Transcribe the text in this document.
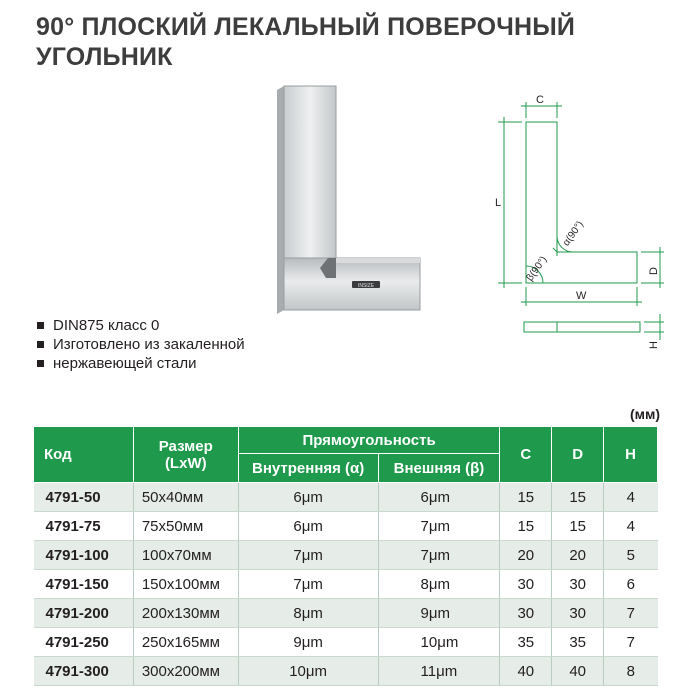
90° ПЛОСКИЙ ЛЕКАЛЬНЫЙ ПОВЕРОЧНЫЙ
УГОЛЬНИК
INSIZE
C
L
W
D
H
α(90°)
β(90°)
DIN875 класс 0
Изготовлено из закаленной
нержавеющей стали
(мм)
Код	Размер
(LxW)	Прямоугольность		C	D	H
		Внутренняя (α)	Внешняя (β)			
4791-50	50x40мм	6μm	6μm	15	15	4
4791-75	75x50мм	6μm	7μm	15	15	4
4791-100	100x70мм	7μm	7μm	20	20	5
4791-150	150x100мм	7μm	8μm	30	30	6
4791-200	200x130мм	8μm	9μm	30	30	7
4791-250	250x165мм	9μm	10μm	35	35	7
4791-300	300x200мм	10μm	11μm	40	40	8
